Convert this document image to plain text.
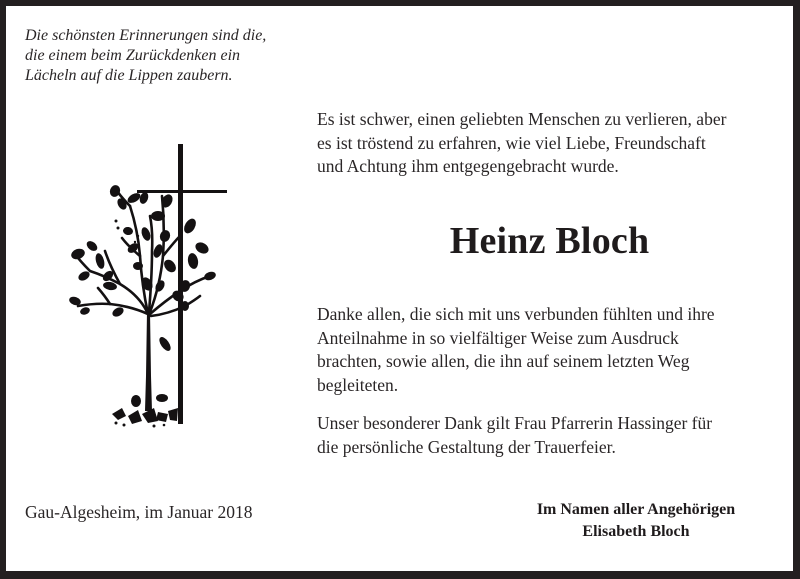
Die schönsten Erinnerungen sind die,
die einem beim Zurückdenken ein
Lächeln auf die Lippen zaubern.
Es ist schwer, einen geliebten Menschen zu verlieren, aber
es ist tröstend zu erfahren, wie viel Liebe, Freundschaft
und Achtung ihm entgegengebracht wurde.
Heinz Bloch
Danke allen, die sich mit uns verbunden fühlten und ihre
Anteilnahme in so vielfältiger Weise zum Ausdruck
brachten, sowie allen, die ihn auf seinem letzten Weg
begleiteten.
Unser besonderer Dank gilt Frau Pfarrerin Hassinger für
die persönliche Gestaltung der Trauerfeier.
Gau-Algesheim, im Januar 2018	Im Namen aller Angehörigen
Elisabeth Bloch
